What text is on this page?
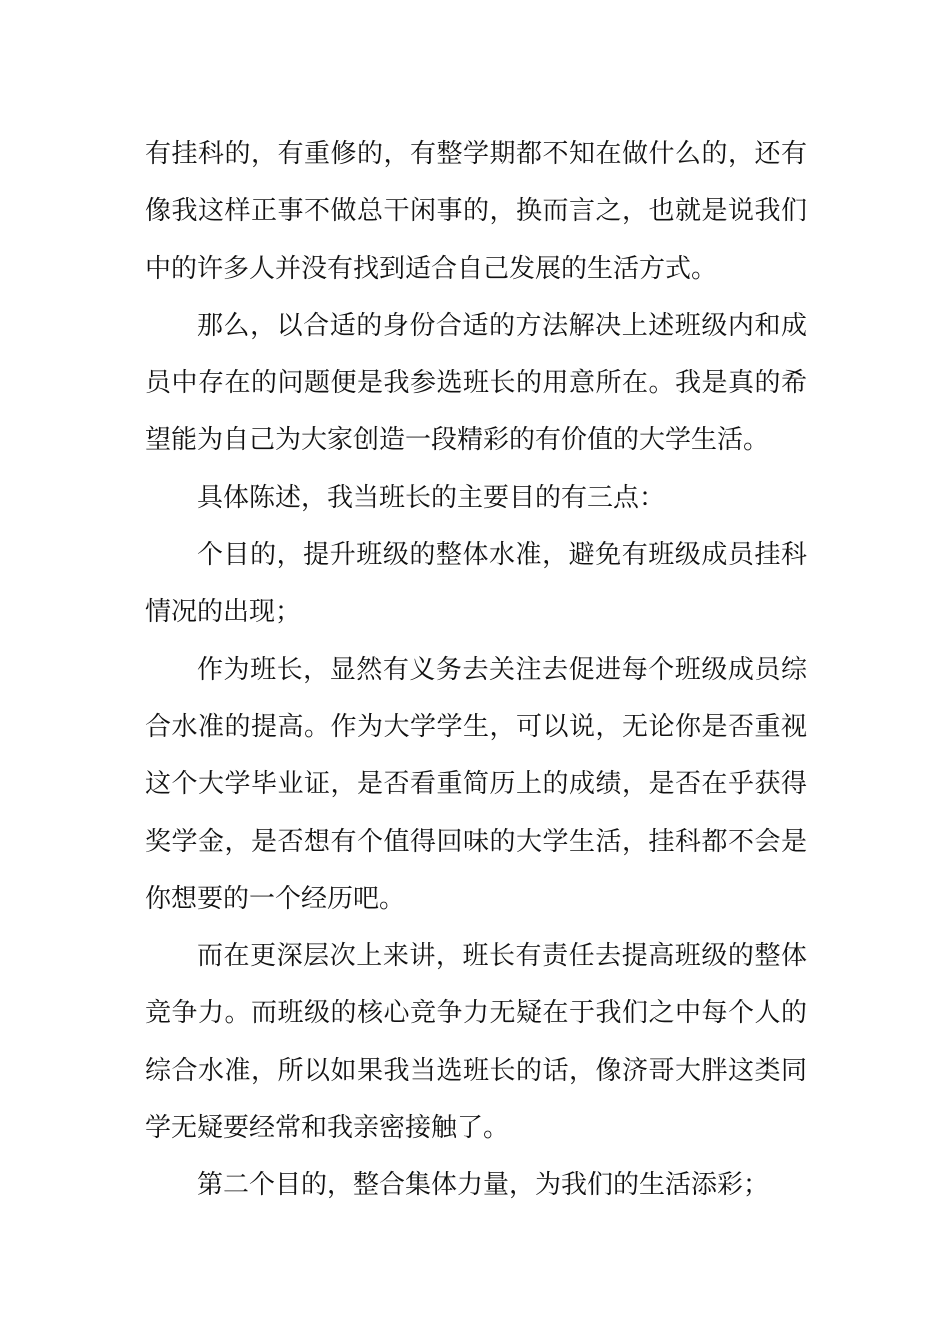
有挂科的，有重修的，有整学期都不知在做什么的，还有
像我这样正事不做总干闲事的，换而言之，也就是说我们
中的许多人并没有找到适合自己发展的生活方式。
那么，以合适的身份合适的方法解决上述班级内和成
员中存在的问题便是我参选班长的用意所在。我是真的希
望能为自己为大家创造一段精彩的有价值的大学生活。
具体陈述，我当班长的主要目的有三点：
个目的，提升班级的整体水准，避免有班级成员挂科
情况的出现；
作为班长，显然有义务去关注去促进每个班级成员综
合水准的提高。作为大学学生，可以说，无论你是否重视
这个大学毕业证，是否看重简历上的成绩，是否在乎获得
奖学金，是否想有个值得回味的大学生活，挂科都不会是
你想要的一个经历吧。
而在更深层次上来讲，班长有责任去提高班级的整体
竞争力。而班级的核心竞争力无疑在于我们之中每个人的
综合水准，所以如果我当选班长的话，像济哥大胖这类同
学无疑要经常和我亲密接触了。
第二个目的，整合集体力量，为我们的生活添彩；
